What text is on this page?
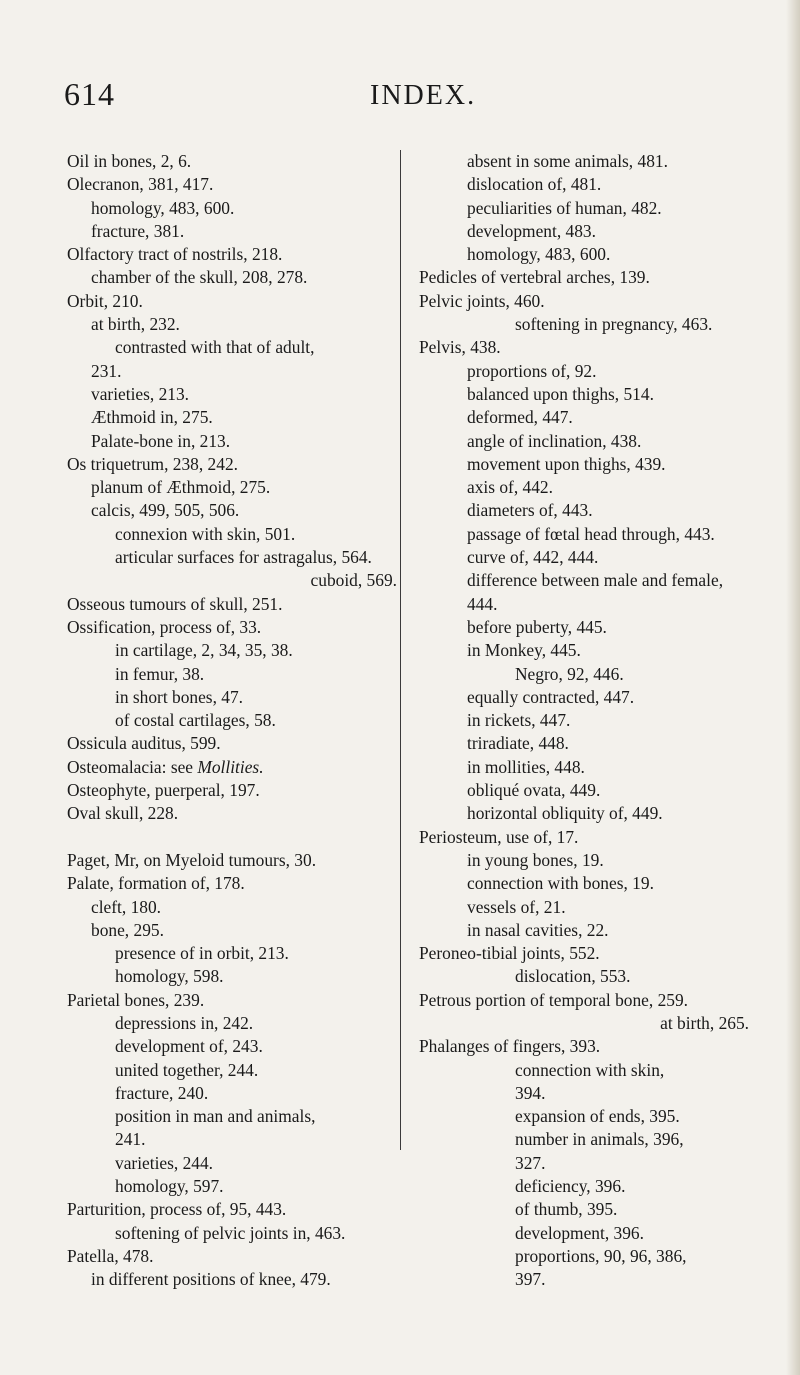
614	INDEX.
Oil in bones, 2, 6.
Olecranon, 381, 417.
homology, 483, 600.
fracture, 381.
Olfactory tract of nostrils, 218.
chamber of the skull, 208, 278.
Orbit, 210.
at birth, 232.
contrasted with that of adult,
231.
varieties, 213.
Æthmoid in, 275.
Palate-bone in, 213.
Os triquetrum, 238, 242.
planum of Æthmoid, 275.
calcis, 499, 505, 506.
connexion with skin, 501.
articular surfaces for astragalus, 564.
cuboid, 569.
Osseous tumours of skull, 251.
Ossification, process of, 33.
in cartilage, 2, 34, 35, 38.
in femur, 38.
in short bones, 47.
of costal cartilages, 58.
Ossicula auditus, 599.
Osteomalacia: see Mollities.
Osteophyte, puerperal, 197.
Oval skull, 228.
Paget, Mr, on Myeloid tumours, 30.
Palate, formation of, 178.
cleft, 180.
bone, 295.
presence of in orbit, 213.
homology, 598.
Parietal bones, 239.
depressions in, 242.
development of, 243.
united together, 244.
fracture, 240.
position in man and animals,
241.
varieties, 244.
homology, 597.
Parturition, process of, 95, 443.
softening of pelvic joints in, 463.
Patella, 478.
in different positions of knee, 479.
absent in some animals, 481.
dislocation of, 481.
peculiarities of human, 482.
development, 483.
homology, 483, 600.
Pedicles of vertebral arches, 139.
Pelvic joints, 460.
softening in pregnancy, 463.
Pelvis, 438.
proportions of, 92.
balanced upon thighs, 514.
deformed, 447.
angle of inclination, 438.
movement upon thighs, 439.
axis of, 442.
diameters of, 443.
passage of fœtal head through, 443.
curve of, 442, 444.
difference between male and female,
444.
before puberty, 445.
in Monkey, 445.
Negro, 92, 446.
equally contracted, 447.
in rickets, 447.
triradiate, 448.
in mollities, 448.
obliqué ovata, 449.
horizontal obliquity of, 449.
Periosteum, use of, 17.
in young bones, 19.
connection with bones, 19.
vessels of, 21.
in nasal cavities, 22.
Peroneo-tibial joints, 552.
dislocation, 553.
Petrous portion of temporal bone, 259.
at birth, 265.
Phalanges of fingers, 393.
connection with skin,
394.
expansion of ends, 395.
number in animals, 396,
327.
deficiency, 396.
of thumb, 395.
development, 396.
proportions, 90, 96, 386,
397.
